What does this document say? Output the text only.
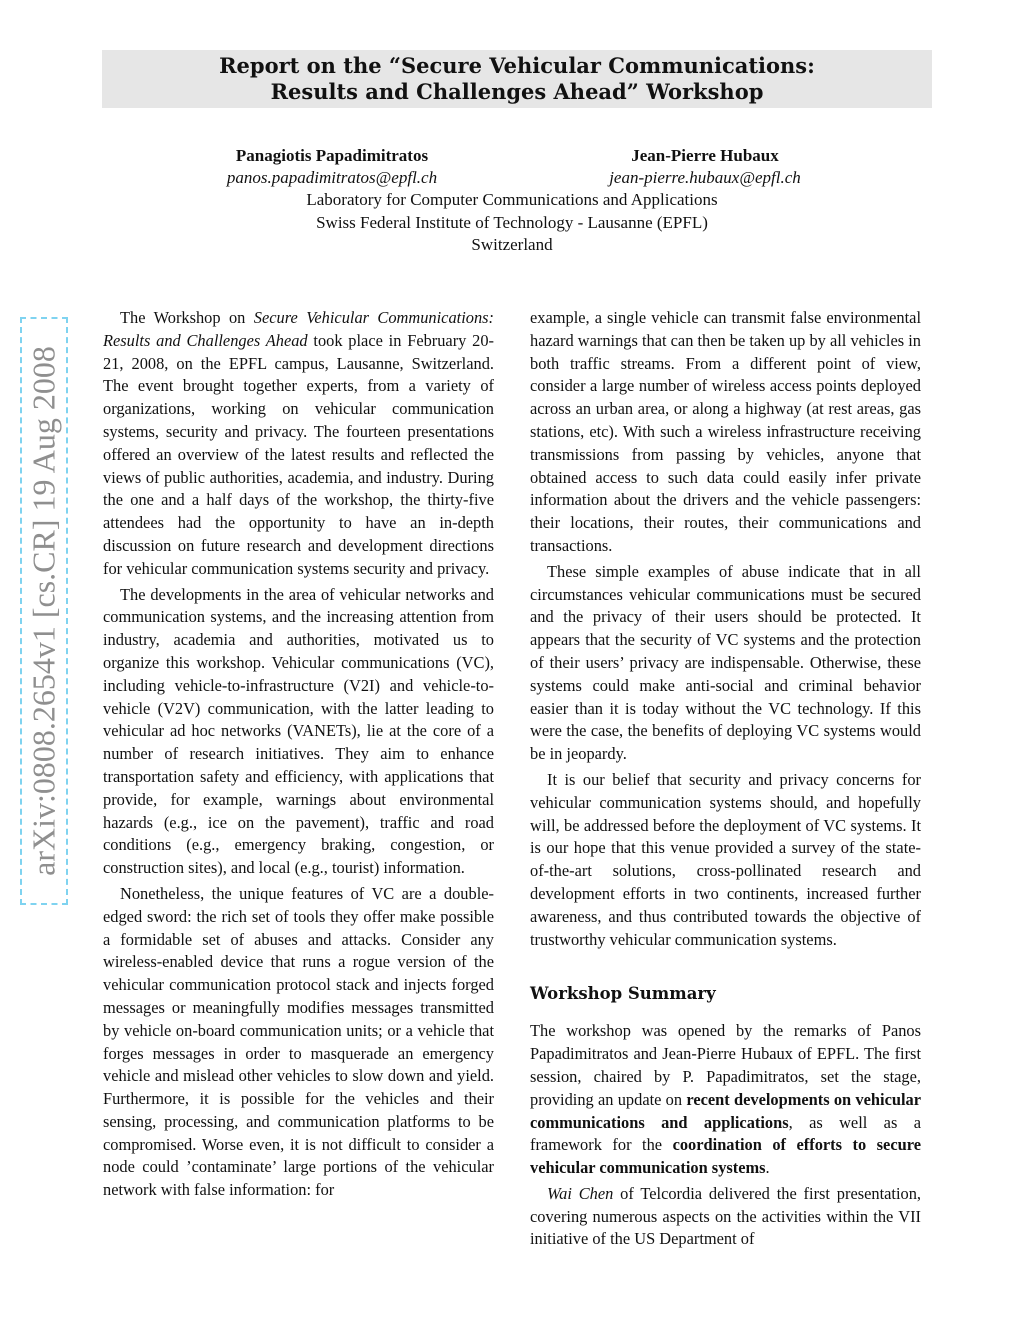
Report on the “Secure Vehicular Communications:
Results and Challenges Ahead” Workshop
Panagiotis Papadimitratos
panos.papadimitratos@epfl.ch
Jean-Pierre Hubaux
jean-pierre.hubaux@epfl.ch
Laboratory for Computer Communications and Applications
Swiss Federal Institute of Technology - Lausanne (EPFL)
Switzerland
arXiv:0808.2654v1 [cs.CR] 19 Aug 2008

The Workshop on Secure Vehicular Communications: Results and Challenges Ahead took place in February 20-21, 2008, on the EPFL campus, Lausanne, Switzerland. The event brought together experts, from a variety of organizations, working on vehicular communication systems, security and privacy. The fourteen presentations offered an overview of the latest results and reflected the views of public authorities, academia, and industry. During the one and a half days of the workshop, the thirty-five attendees had the opportunity to have an in-depth discussion on future research and development directions for vehicular communication systems security and privacy.

The developments in the area of vehicular networks and communication systems, and the increasing attention from industry, academia and authorities, motivated us to organize this workshop. Vehicular communications (VC), including vehicle-to-infrastructure (V2I) and vehicle-to-vehicle (V2V) communication, with the latter leading to vehicular ad hoc networks (VANETs), lie at the core of a number of research initiatives. They aim to enhance transportation safety and efficiency, with applications that provide, for example, warnings about environmental hazards (e.g., ice on the pavement), traffic and road conditions (e.g., emergency braking, congestion, or construction sites), and local (e.g., tourist) information.

Nonetheless, the unique features of VC are a double-edged sword: the rich set of tools they offer make possible a formidable set of abuses and attacks. Consider any wireless-enabled device that runs a rogue version of the vehicular communication protocol stack and injects forged messages or meaningfully modifies messages transmitted by vehicle on-board communication units; or a vehicle that forges messages in order to masquerade an emergency vehicle and mislead other vehicles to slow down and yield. Furthermore, it is possible for the vehicles and their sensing, processing, and communication platforms to be compromised. Worse even, it is not difficult to consider a node could ’contaminate’ large portions of the vehicular network with false information: for

example, a single vehicle can transmit false environmental hazard warnings that can then be taken up by all vehicles in both traffic streams. From a different point of view, consider a large number of wireless access points deployed across an urban area, or along a highway (at rest areas, gas stations, etc). With such a wireless infrastructure receiving transmissions from passing by vehicles, anyone that obtained access to such data could easily infer private information about the drivers and the vehicle passengers: their locations, their routes, their communications and transactions.

These simple examples of abuse indicate that in all circumstances vehicular communications must be secured and the privacy of their users should be protected. It appears that the security of VC systems and the protection of their users’ privacy are indispensable. Otherwise, these systems could make anti-social and criminal behavior easier than it is today without the VC technology. If this were the case, the benefits of deploying VC systems would be in jeopardy.

It is our belief that security and privacy concerns for vehicular communication systems should, and hopefully will, be addressed before the deployment of VC systems. It is our hope that this venue provided a survey of the state-of-the-art solutions, cross-pollinated research and development efforts in two continents, increased further awareness, and thus contributed towards the objective of trustworthy vehicular communication systems.

Workshop Summary

The workshop was opened by the remarks of Panos Papadimitratos and Jean-Pierre Hubaux of EPFL. The first session, chaired by P. Papadimitratos, set the stage, providing an update on recent developments on vehicular communications and applications, as well as a framework for the coordination of efforts to secure vehicular communication systems.

Wai Chen of Telcordia delivered the first presentation, covering numerous aspects on the activities within the VII initiative of the US Department of
